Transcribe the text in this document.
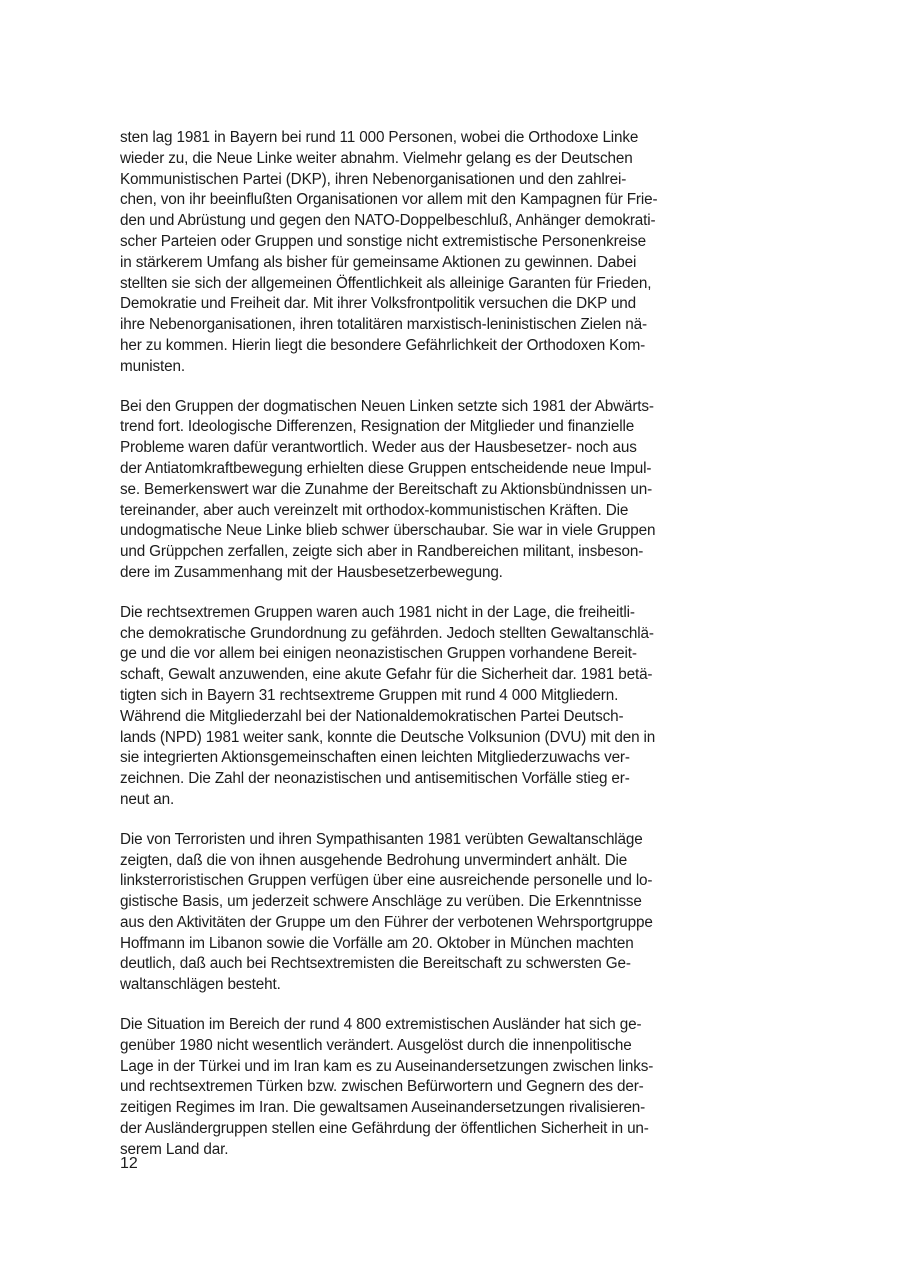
sten lag 1981 in Bayern bei rund 11 000 Personen, wobei die Orthodoxe Linke
wieder zu, die Neue Linke weiter abnahm. Vielmehr gelang es der Deutschen
Kommunistischen Partei (DKP), ihren Nebenorganisationen und den zahlrei-
chen, von ihr beeinflußten Organisationen vor allem mit den Kampagnen für Frie-
den und Abrüstung und gegen den NATO-Doppelbeschluß, Anhänger demokrati-
scher Parteien oder Gruppen und sonstige nicht extremistische Personenkreise
in stärkerem Umfang als bisher für gemeinsame Aktionen zu gewinnen. Dabei
stellten sie sich der allgemeinen Öffentlichkeit als alleinige Garanten für Frieden,
Demokratie und Freiheit dar. Mit ihrer Volksfrontpolitik versuchen die DKP und
ihre Nebenorganisationen, ihren totalitären marxistisch-leninistischen Zielen nä-
her zu kommen. Hierin liegt die besondere Gefährlichkeit der Orthodoxen Kom-
munisten.

Bei den Gruppen der dogmatischen Neuen Linken setzte sich 1981 der Abwärts-
trend fort. Ideologische Differenzen, Resignation der Mitglieder und finanzielle
Probleme waren dafür verantwortlich. Weder aus der Hausbesetzer- noch aus
der Antiatomkraftbewegung erhielten diese Gruppen entscheidende neue Impul-
se. Bemerkenswert war die Zunahme der Bereitschaft zu Aktionsbündnissen un-
tereinander, aber auch vereinzelt mit orthodox-kommunistischen Kräften. Die
undogmatische Neue Linke blieb schwer überschaubar. Sie war in viele Gruppen
und Grüppchen zerfallen, zeigte sich aber in Randbereichen militant, insbeson-
dere im Zusammenhang mit der Hausbesetzerbewegung.

Die rechtsextremen Gruppen waren auch 1981 nicht in der Lage, die freiheitli-
che demokratische Grundordnung zu gefährden. Jedoch stellten Gewaltanschlä-
ge und die vor allem bei einigen neonazistischen Gruppen vorhandene Bereit-
schaft, Gewalt anzuwenden, eine akute Gefahr für die Sicherheit dar. 1981 betä-
tigten sich in Bayern 31 rechtsextreme Gruppen mit rund 4 000 Mitgliedern.
Während die Mitgliederzahl bei der Nationaldemokratischen Partei Deutsch-
lands (NPD) 1981 weiter sank, konnte die Deutsche Volksunion (DVU) mit den in
sie integrierten Aktionsgemeinschaften einen leichten Mitgliederzuwachs ver-
zeichnen. Die Zahl der neonazistischen und antisemitischen Vorfälle stieg er-
neut an.

Die von Terroristen und ihren Sympathisanten 1981 verübten Gewaltanschläge
zeigten, daß die von ihnen ausgehende Bedrohung unvermindert anhält. Die
linksterroristischen Gruppen verfügen über eine ausreichende personelle und lo-
gistische Basis, um jederzeit schwere Anschläge zu verüben. Die Erkenntnisse
aus den Aktivitäten der Gruppe um den Führer der verbotenen Wehrsportgruppe
Hoffmann im Libanon sowie die Vorfälle am 20. Oktober in München machten
deutlich, daß auch bei Rechtsextremisten die Bereitschaft zu schwersten Ge-
waltanschlägen besteht.

Die Situation im Bereich der rund 4 800 extremistischen Ausländer hat sich ge-
genüber 1980 nicht wesentlich verändert. Ausgelöst durch die innenpolitische
Lage in der Türkei und im Iran kam es zu Auseinandersetzungen zwischen links-
und rechtsextremen Türken bzw. zwischen Befürwortern und Gegnern des der-
zeitigen Regimes im Iran. Die gewaltsamen Auseinandersetzungen rivalisieren-
der Ausländergruppen stellen eine Gefährdung der öffentlichen Sicherheit in un-
serem Land dar.

12
